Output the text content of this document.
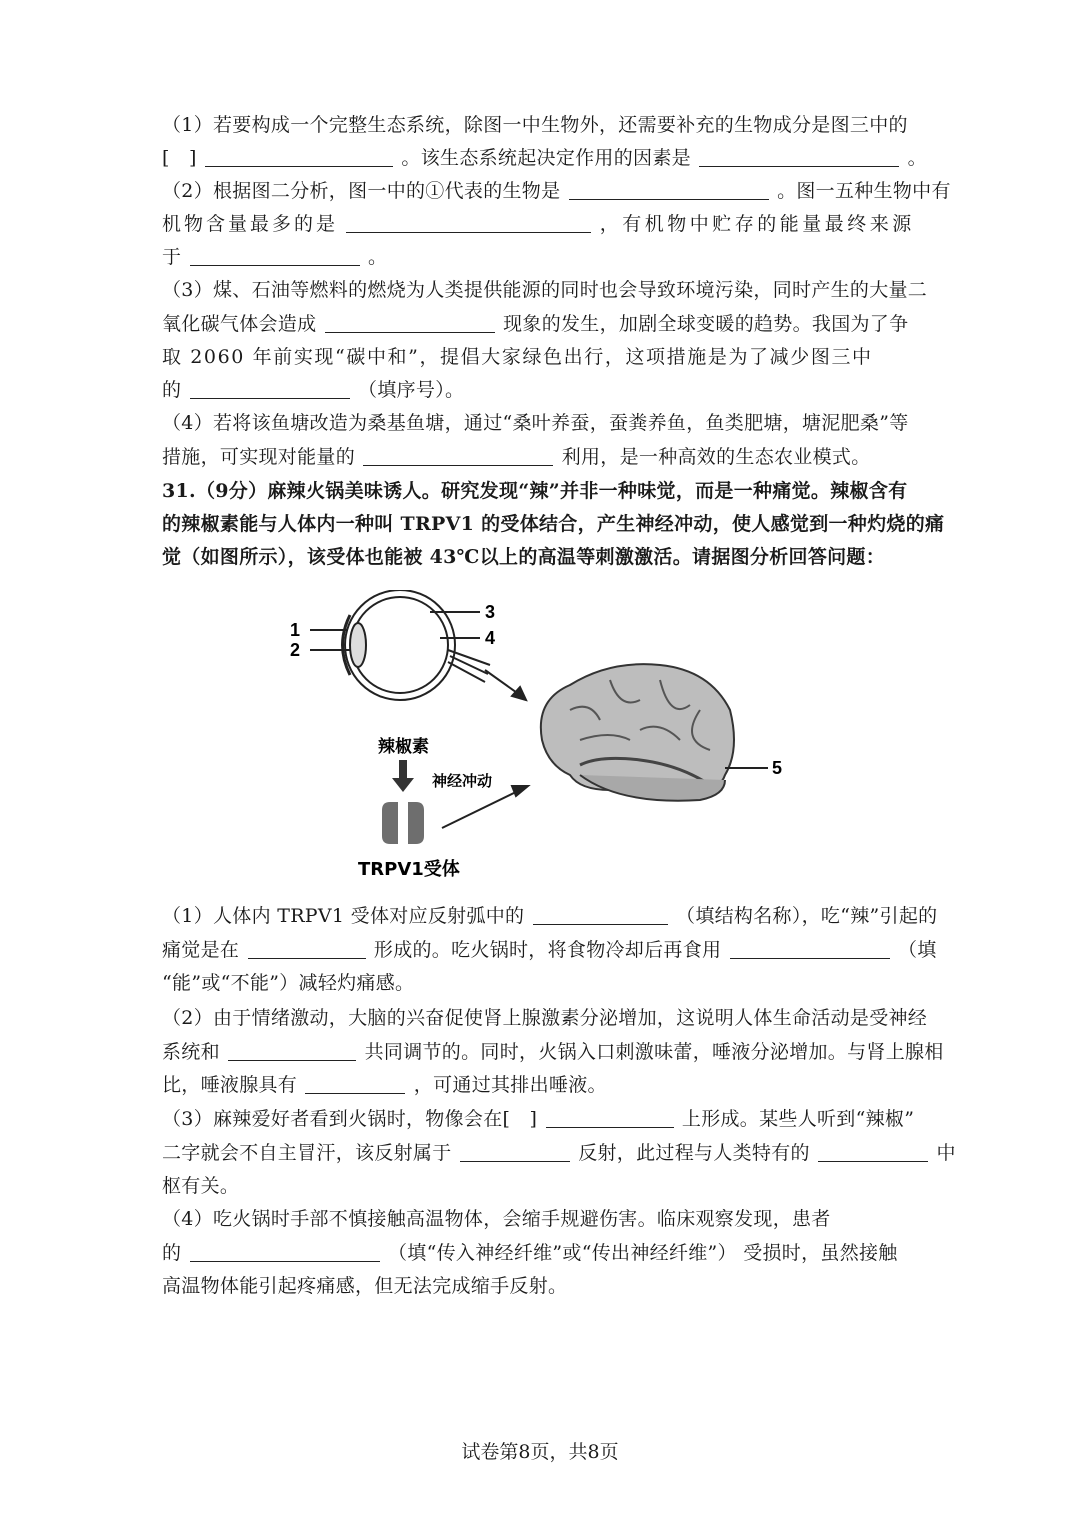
（1）若要构成一个完整生态系统，除图一中生物外，还需要补充的生物成分是图三中的
[　]	。该生态系统起决定作用的因素是	。
（2）根据图二分析，图一中的①代表的生物是	。图一五种生物中有
机物含量最多的是	，有机物中贮存的能量最终来源
于	。
（3）煤、石油等燃料的燃烧为人类提供能源的同时也会导致环境污染，同时产生的大量二
氧化碳气体会造成	现象的发生，加剧全球变暖的趋势。我国为了争
取 2060 年前实现“碳中和”，提倡大家绿色出行，这项措施是为了减少图三中
的	（填序号）。
（4）若将该鱼塘改造为桑基鱼塘，通过“桑叶养蚕，蚕粪养鱼，鱼类肥塘，塘泥肥桑”等
措施，可实现对能量的	利用，是一种高效的生态农业模式。
31.（9分）麻辣火锅美味诱人。研究发现“辣”并非一种味觉，而是一种痛觉。辣椒含有
的辣椒素能与人体内一种叫 TRPV1 的受体结合，产生神经冲动，使人感觉到一种灼烧的痛
觉（如图所示），该受体也能被 43℃以上的高温等刺激激活。请据图分析回答问题：
1
2
3
4
5
辣椒素
神经冲动
TRPV1受体
（1）人体内 TRPV1 受体对应反射弧中的	（填结构名称），吃“辣”引起的
痛觉是在	形成的。吃火锅时，将食物冷却后再食用	（填
“能”或“不能”）减轻灼痛感。
（2）由于情绪激动，大脑的兴奋促使肾上腺激素分泌增加，这说明人体生命活动是受神经
系统和	共同调节的。同时，火锅入口刺激味蕾，唾液分泌增加。与肾上腺相
比，唾液腺具有	，可通过其排出唾液。
（3）麻辣爱好者看到火锅时，物像会在[　]	上形成。某些人听到“辣椒”
二字就会不自主冒汗，该反射属于	反射，此过程与人类特有的	中
枢有关。
（4）吃火锅时手部不慎接触高温物体，会缩手规避伤害。临床观察发现，患者
的	（填“传入神经纤维”或“传出神经纤维”） 受损时，虽然接触
高温物体能引起疼痛感，但无法完成缩手反射。
试卷第8页，共8页
